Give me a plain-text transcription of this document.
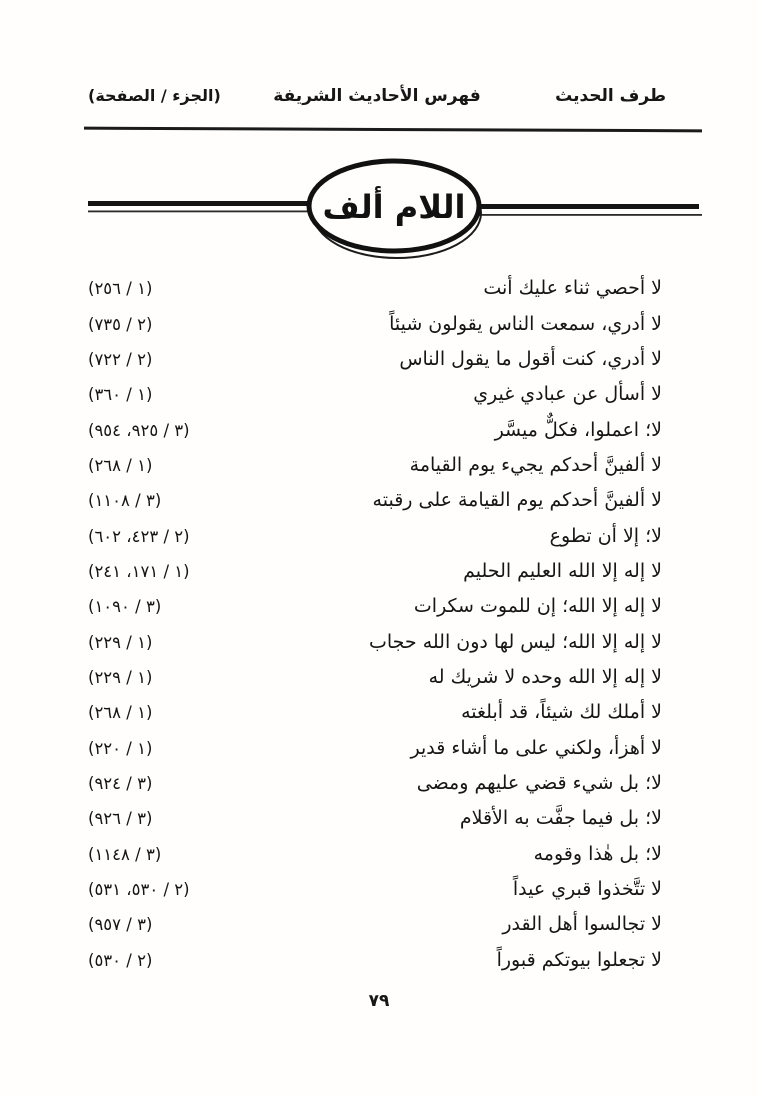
طرف الحديث
فهرس الأحاديث الشريفة
(الجزء / الصفحة)
اللام ألف
لا أحصي ثناء عليك أنت
(١ / ٢٥٦)
لا أدري، سمعت الناس يقولون شيئاً
(٢ / ٧٣٥)
لا أدري، كنت أقول ما يقول الناس
(٢ / ٧٢٢)
لا أسأل عن عبادي غيري
(١ / ٣٦٠)
لا؛ اعملوا، فكلٌّ ميسَّر
(٣ / ٩٢٥، ٩٥٤)
لا ألفينَّ أحدكم يجيء يوم القيامة
(١ / ٢٦٨)
لا ألفينَّ أحدكم يوم القيامة على رقبته
(٣ / ١١٠٨)
لا؛ إلا أن تطوع
(٢ / ٤٢٣، ٦٠٢)
لا إله إلا الله العليم الحليم
(١ / ١٧١، ٢٤١)
لا إله إلا الله؛ إن للموت سكرات
(٣ / ١٠٩٠)
لا إله إلا الله؛ ليس لها دون الله حجاب
(١ / ٢٢٩)
لا إله إلا الله وحده لا شريك له
(١ / ٢٢٩)
لا أملك لك شيئاً، قد أبلغته
(١ / ٢٦٨)
لا أهزأ، ولكني على ما أشاء قدير
(١ / ٢٢٠)
لا؛ بل شيء قضي عليهم ومضى
(٣ / ٩٢٤)
لا؛ بل فيما جفَّت به الأقلام
(٣ / ٩٢٦)
لا؛ بل هٰذا وقومه
(٣ / ١١٤٨)
لا تتَّخذوا قبري عيداً
(٢ / ٥٣٠، ٥٣١)
لا تجالسوا أهل القدر
(٣ / ٩٥٧)
لا تجعلوا بيوتكم قبوراً
(٢ / ٥٣٠)
٧٩
